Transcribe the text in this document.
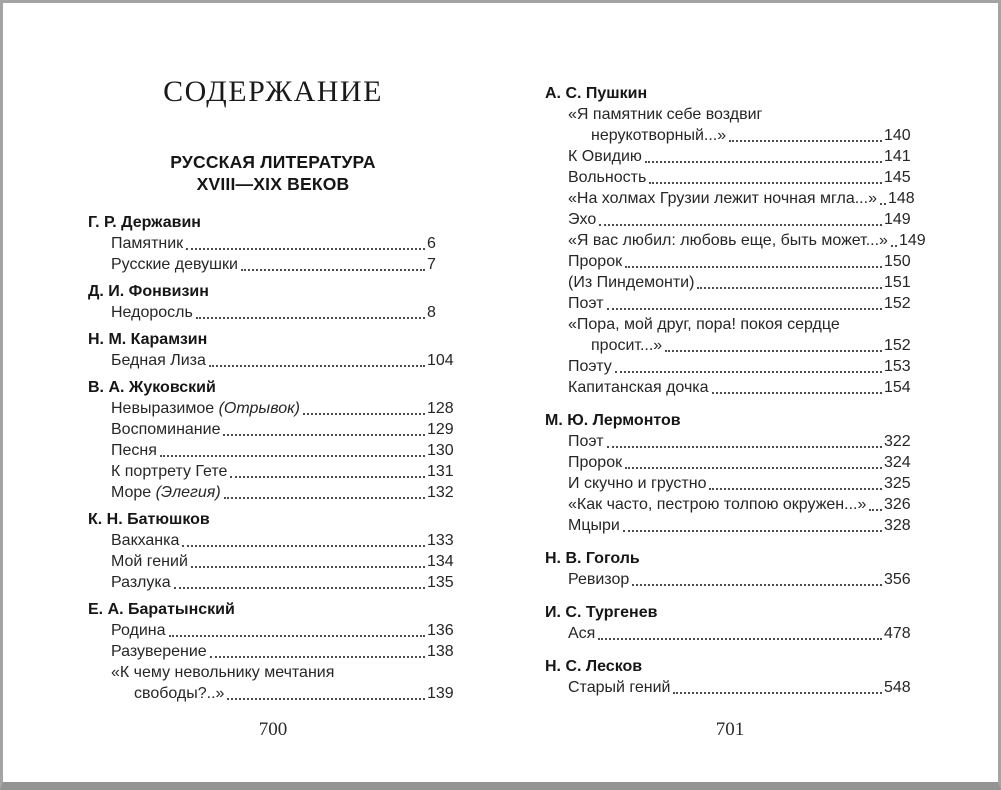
СОДЕРЖАНИЕ
РУССКАЯ ЛИТЕРАТУРА
XVIII—XIX ВЕКОВ
Г. Р. Державин
Памятник	6
Русские девушки	7
Д. И. Фонвизин
Недоросль	8
Н. М. Карамзин
Бедная Лиза	104
В. А. Жуковский
Невыразимое (Отрывок)	128
Воспоминание	129
Песня	130
К портрету Гете	131
Море (Элегия)	132
К. Н. Батюшков
Вакханка	133
Мой гений	134
Разлука	135
Е. А. Баратынский
Родина	136
Разуверение	138
«К чему невольнику мечтания
свободы?..»	139
700
А. С. Пушкин
«Я памятник себе воздвиг
нерукотворный...»	140
К Овидию	141
Вольность	145
«На холмах Грузии лежит ночная мгла...» 148
Эхо	149
«Я вас любил: любовь еще, быть может...» 149
Пророк	150
(Из Пиндемонти)	151
Поэт	152
«Пора, мой друг, пора! покоя сердце
просит...»	152
Поэту	153
Капитанская дочка	154
М. Ю. Лермонтов
Поэт	322
Пророк	324
И скучно и грустно	325
«Как часто, пестрою толпою окружен...» 326
Мцыри	328
Н. В. Гоголь
Ревизор	356
И. С. Тургенев
Ася	478
Н. С. Лесков
Старый гений	548
701
